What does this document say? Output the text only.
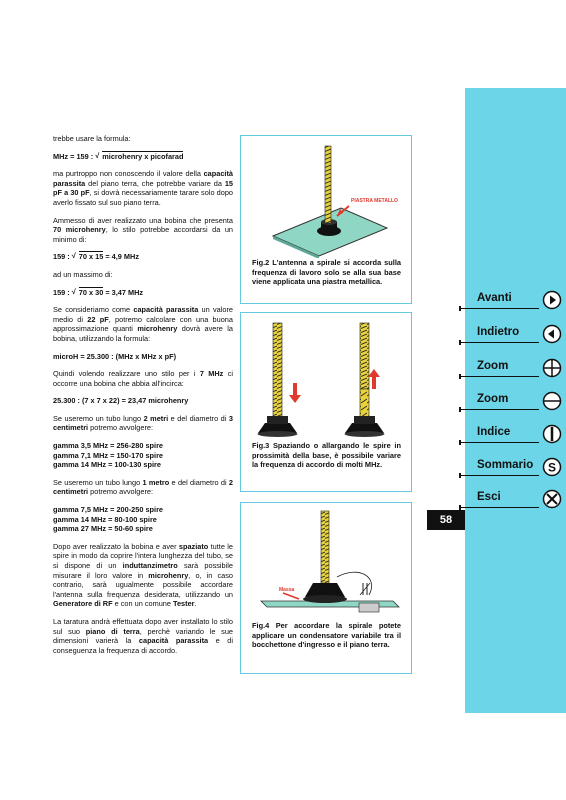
trebbe usare la formula:

MHz = 159 : √ microhenry x picofarad

ma purtroppo non conoscendo il valore della capacità parassita del piano terra, che potrebbe variare da 15 pF a 30 pF, si dovrà necessariamente tarare solo dopo averlo fissato sul suo piano terra.

Ammesso di aver realizzato una bobina che presenta 70 microhenry, lo stilo potrebbe accordarsi da un minimo di:

159 : √ 70 x 15 = 4,9 MHz

ad un massimo di:

159 : √ 70 x 30 = 3,47 MHz

Se consideriamo come capacità parassita un valore medio di 22 pF, potremo calcolare con una buona approssimazione quanti microhenry dovrà avere la bobina, utilizzando la formula:

microH = 25.300 : (MHz x MHz x pF)

Quindi volendo realizzare uno stilo per i 7 MHz ci occorre una bobina che abbia all'incirca:

25.300 : (7 x 7 x 22) = 23,47 microhenry

Se useremo un tubo lungo 2 metri e del diametro di 3 centimetri potremo avvolgere:

gamma 3,5 MHz = 256-280 spire
gamma 7,1 MHz = 150-170 spire
gamma 14 MHz = 100-130 spire

Se useremo un tubo lungo 1 metro e del diametro di 2 centimetri potremo avvolgere:

gamma 7,5 MHz = 200-250 spire
gamma 14 MHz = 80-100 spire
gamma 27 MHz = 50-60 spire

Dopo aver realizzato la bobina e aver spaziato tutte le spire in modo da coprire l'intera lunghezza del tubo, se si dispone di un induttanzimetro sarà possibile misurare il loro valore in microhenry, o, in caso contrario, sarà ugualmente possibile accordare l'antenna sulla frequenza desiderata, utilizzando un Generatore di RF e con un comune Tester.

La taratura andrà effettuata dopo aver installato lo stilo sul suo piano di terra, perchè variando le sue dimensioni varierà la capacità parassita e di conseguenza la frequenza di accordo.

PIASTRA METALLO
Fig.2 L'antenna a spirale si accorda sulla frequenza di lavoro solo se alla sua base viene applicata una piastra metallica.
Fig.3 Spaziando o allargando le spire in prossimità della base, è possibile variare la frequenza di accordo di molti MHz.
Massa
Fig.4 Per accordare la spirale potete applicare un condensatore variabile tra il bocchettone d'ingresso e il piano terra.
Avanti
Indietro
Zoom
Zoom
Indice
Sommario S
Esci
58
